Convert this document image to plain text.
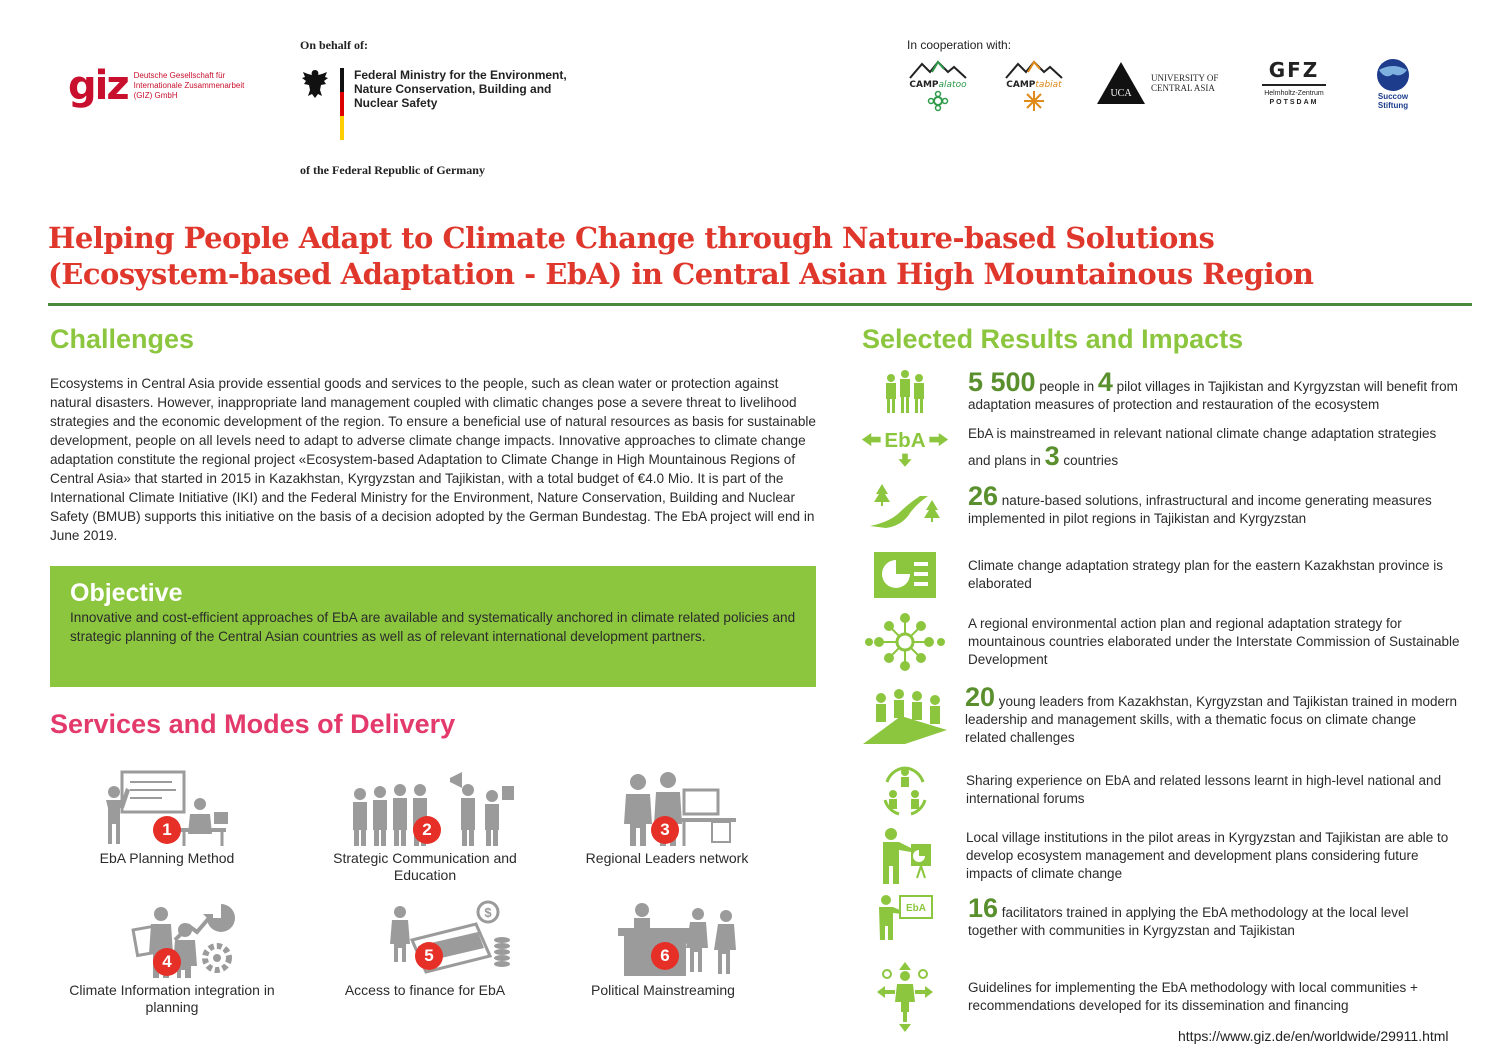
giz Deutsche Gesellschaft für Internationale Zusammenarbeit (GIZ) GmbH
On behalf of:
Federal Ministry for the Environment, Nature Conservation, Building and Nuclear Safety
of the Federal Republic of Germany
In cooperation with:
CAMPalatoo	CAMPtabiat
UCA
UNIVERSITY OF CENTRAL ASIA
GFZ
Helmholtz-Zentrum
POTSDAM
Succow Stiftung
Helping People Adapt to Climate Change through Nature-based Solutions
(Ecosystem-based Adaptation - EbA) in Central Asian High Mountainous Region
Challenges
Ecosystems in Central Asia provide essential goods and services to the people, such as clean water or protection against natural disasters. However, inappropriate land management coupled with climatic changes pose a severe threat to livelihood strategies and the economic development of the region. To ensure a beneficial use of natural resources as basis for sustainable development, people on all levels need to adapt to adverse climate change impacts. Innovative approaches to climate change adaptation constitute the regional project «Ecosystem-based Adaptation to Climate Change in High Mountainous Regions of Central Asia» that started in 2015 in Kazakhstan, Kyrgyzstan and Tajikistan, with a total budget of €4.0 Mio. It is part of the International Climate Initiative (IKI) and the Federal Ministry for the Environment, Nature Conservation, Building and Nuclear Safety (BMUB) supports this initiative on the basis of a decision adopted by the German Bundestag. The EbA project will end in June 2019.
Objective
Innovative and cost-efficient approaches of EbA are available and systematically anchored in climate related policies and strategic planning of the Central Asian countries as well as of relevant international development partners.
Services and Modes of Delivery
EbA Planning Method
1
Strategic Communication and Education
2
Regional Leaders network
3
Climate Information integration in planning
4
$
Access to finance for EbA
5
Political Mainstreaming
6
Selected Results and Impacts
5 500 people in 4 pilot villages in Tajikistan and Kyrgyzstan will benefit from adaptation measures of protection and restauration of the ecosystem
EbA	EbA is mainstreamed in relevant national climate change adaptation strategies and plans in 3 countries
26 nature-based solutions, infrastructural and income generating measures implemented in pilot regions in Tajikistan and Kyrgyzstan
Climate change adaptation strategy plan for the eastern Kazakhstan province is elaborated
A regional environmental action plan and regional adaptation strategy for mountainous countries elaborated under the Interstate Commission of Sustainable Development
20 young leaders from Kazakhstan, Kyrgyzstan and Tajikistan trained in modern leadership and management skills, with a thematic focus on climate change related challenges
Sharing experience on EbA and related lessons learnt in high-level national and international forums
Local village institutions in the pilot areas in Kyrgyzstan and Tajikistan are able to develop ecosystem management and development plans considering future impacts of climate change
EbA	16 facilitators trained in applying the EbA methodology at the local level together with communities in Kyrgyzstan and Tajikistan
Guidelines for implementing the EbA methodology with local communities + recommendations developed for its dissemination and financing
https://www.giz.de/en/worldwide/29911.html
